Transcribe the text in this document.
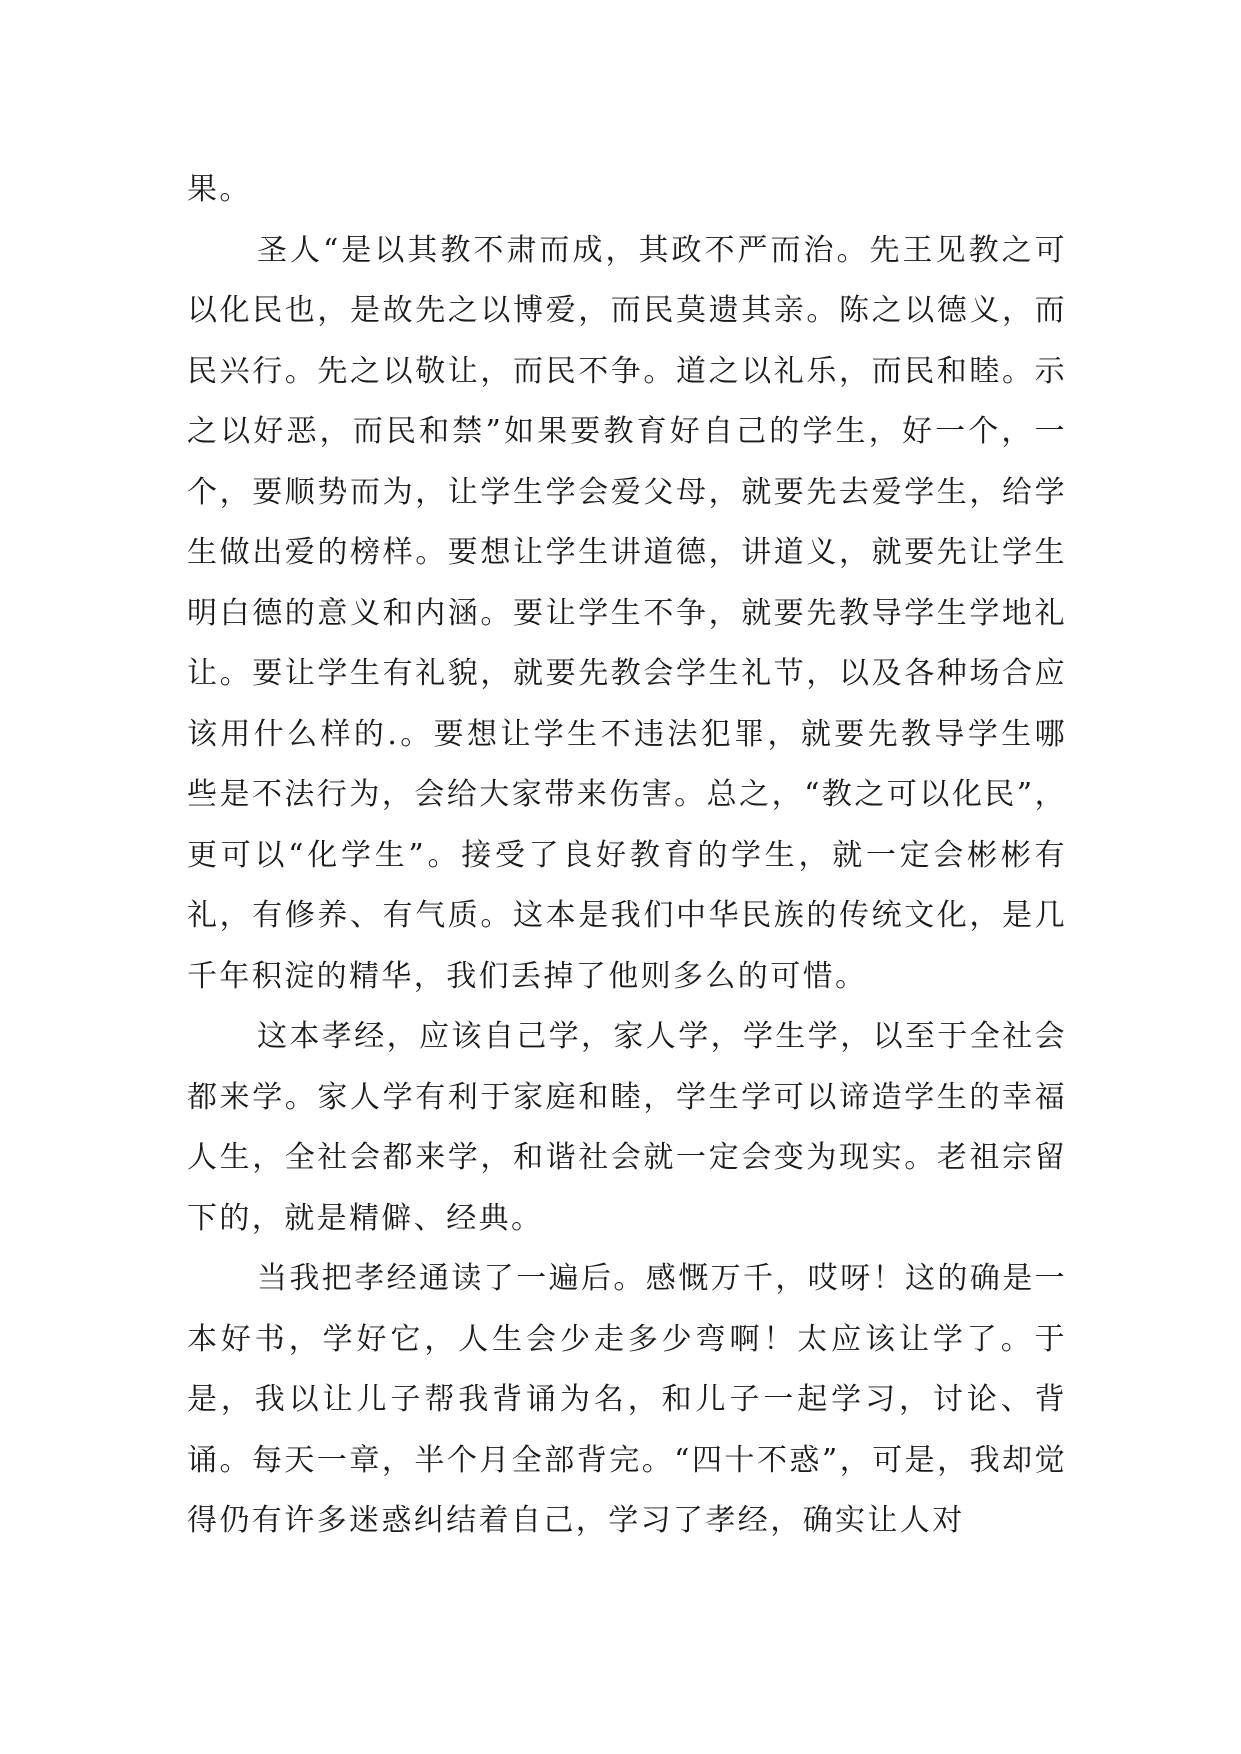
果。

圣人“是以其教不肃而成，其政不严而治。先王见教之可以化民也，是故先之以博爱，而民莫遗其亲。陈之以德义，而民兴行。先之以敬让，而民不争。道之以礼乐，而民和睦。示之以好恶，而民和禁”如果要教育好自己的学生，好一个，一个，要顺势而为，让学生学会爱父母，就要先去爱学生，给学生做出爱的榜样。要想让学生讲道德，讲道义，就要先让学生明白德的意义和内涵。要让学生不争，就要先教导学生学地礼让。要让学生有礼貌，就要先教会学生礼节，以及各种场合应该用什么样的.。要想让学生不违法犯罪，就要先教导学生哪些是不法行为，会给大家带来伤害。总之，“教之可以化民”，更可以“化学生”。接受了良好教育的学生，就一定会彬彬有礼，有修养、有气质。这本是我们中华民族的传统文化，是几千年积淀的精华，我们丢掉了他则多么的可惜。

这本孝经，应该自己学，家人学，学生学，以至于全社会都来学。家人学有利于家庭和睦，学生学可以谛造学生的幸福人生，全社会都来学，和谐社会就一定会变为现实。老祖宗留下的，就是精僻、经典。

当我把孝经通读了一遍后。感慨万千，哎呀！这的确是一本好书，学好它，人生会少走多少弯啊！太应该让学了。于是，我以让儿子帮我背诵为名，和儿子一起学习，讨论、背诵。每天一章，半个月全部背完。“四十不惑”，可是，我却觉得仍有许多迷惑纠结着自己，学习了孝经，确实让人对
